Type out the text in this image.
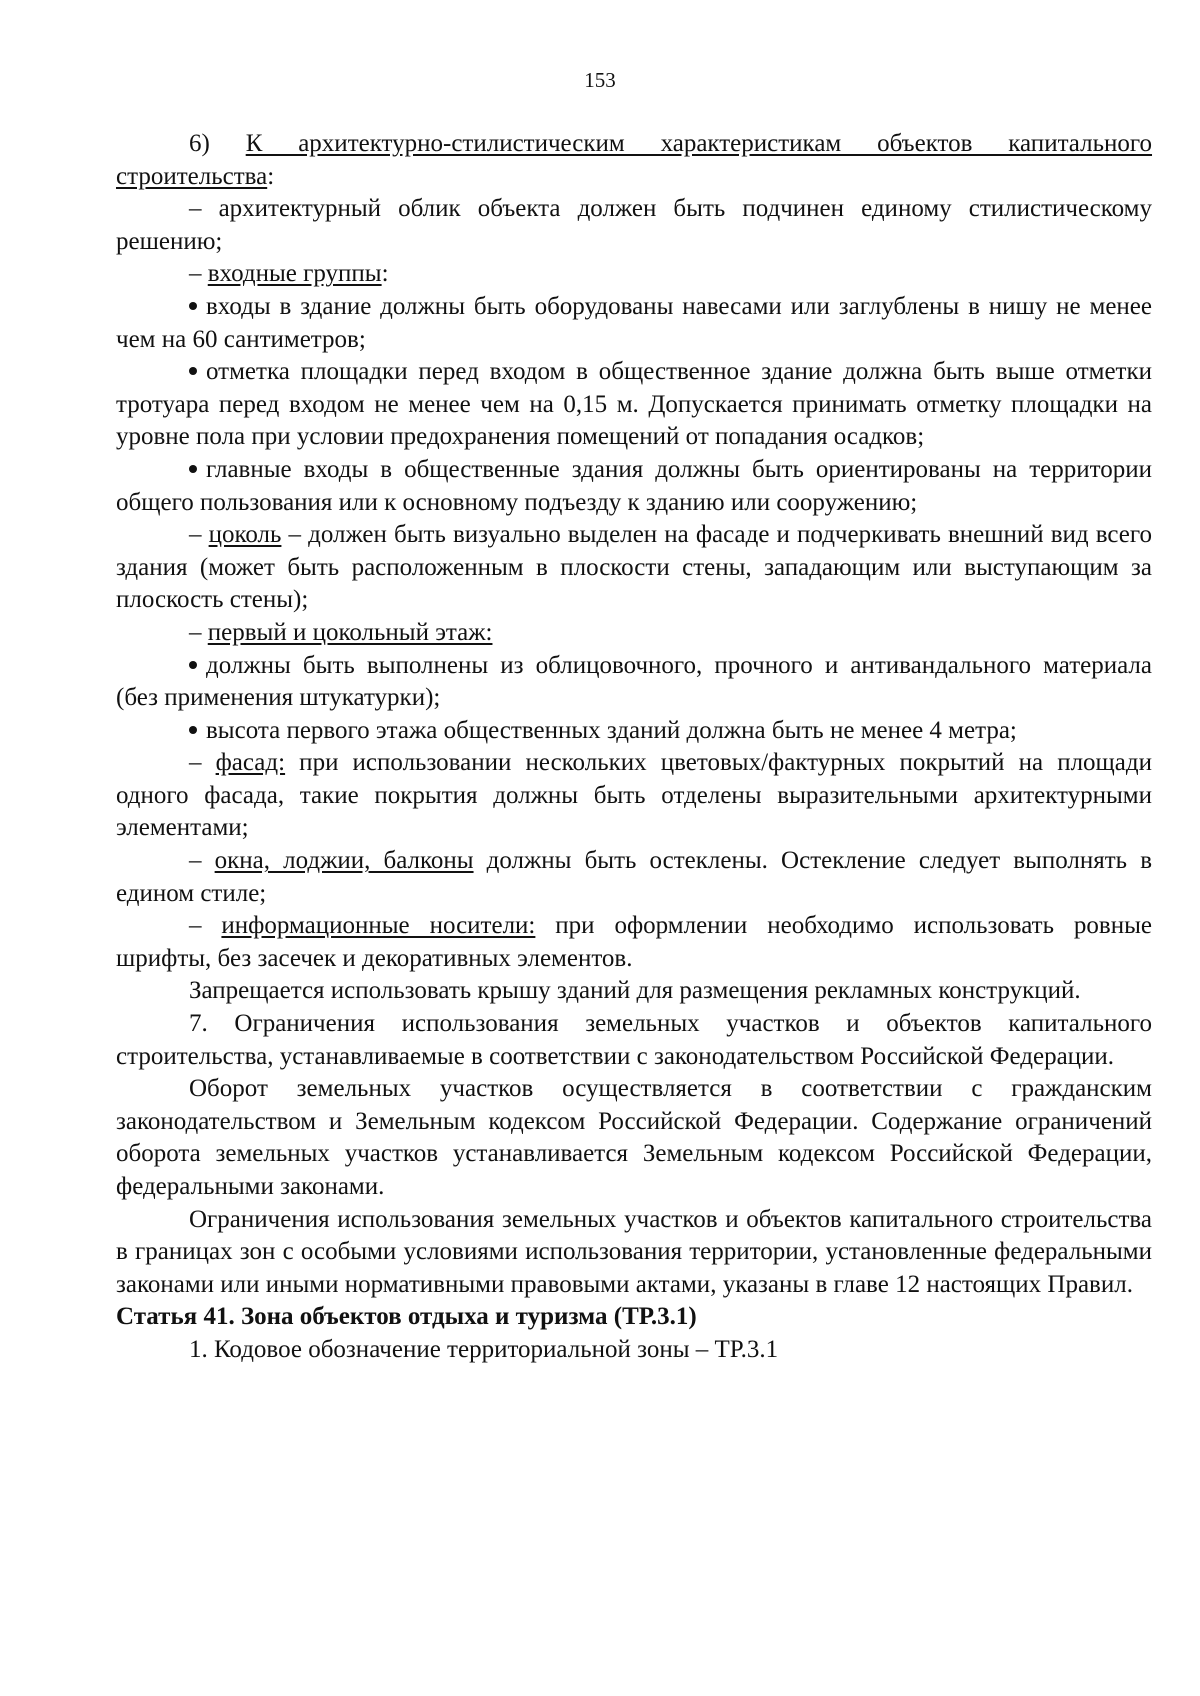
153

6) К архитектурно-стилистическим характеристикам объектов капитального строительства:

– архитектурный облик объекта должен быть подчинен единому стилистическому решению;

– входные группы:

входы в здание должны быть оборудованы навесами или заглублены в нишу не менее чем на 60 сантиметров;

отметка площадки перед входом в общественное здание должна быть выше отметки тротуара перед входом не менее чем на 0,15 м. Допускается принимать отметку площадки на уровне пола при условии предохранения помещений от попадания осадков;

главные входы в общественные здания должны быть ориентированы на территории общего пользования или к основному подъезду к зданию или сооружению;

– цоколь – должен быть визуально выделен на фасаде и подчеркивать внешний вид всего здания (может быть расположенным в плоскости стены, западающим или выступающим за плоскость стены);

– первый и цокольный этаж:

должны быть выполнены из облицовочного, прочного и антивандального материала (без применения штукатурки);

высота первого этажа общественных зданий должна быть не менее 4 метра;

– фасад: при использовании нескольких цветовых/фактурных покрытий на площади одного фасада, такие покрытия должны быть отделены выразительными архитектурными элементами;

– окна, лоджии, балконы должны быть остеклены. Остекление следует выполнять в едином стиле;

– информационные носители: при оформлении необходимо использовать ровные шрифты, без засечек и декоративных элементов.

Запрещается использовать крышу зданий для размещения рекламных конструкций.

7. Ограничения использования земельных участков и объектов капитального строительства, устанавливаемые в соответствии с законодательством Российской Федерации.

Оборот земельных участков осуществляется в соответствии с гражданским законодательством и Земельным кодексом Российской Федерации. Содержание ограничений оборота земельных участков устанавливается Земельным кодексом Российской Федерации, федеральными законами.

Ограничения использования земельных участков и объектов капитального строительства в границах зон с особыми условиями использования территории, установленные федеральными законами или иными нормативными правовыми актами, указаны в главе 12 настоящих Правил.

Статья 41. Зона объектов отдыха и туризма (ТР.3.1)

1. Кодовое обозначение территориальной зоны – ТР.3.1
